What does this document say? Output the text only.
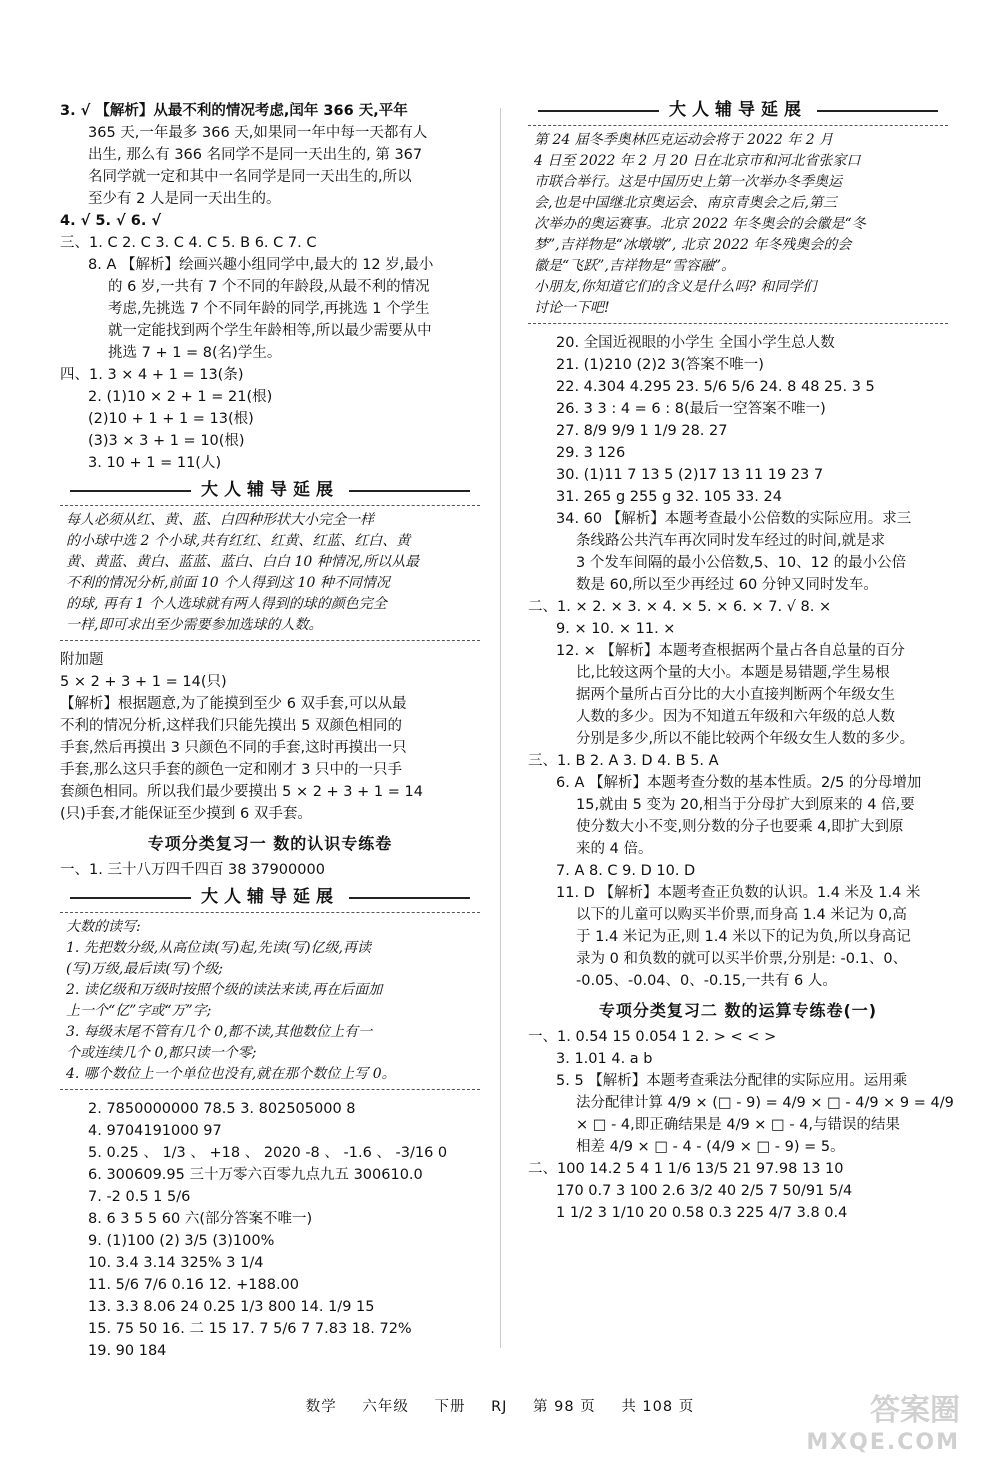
3. √ 【解析】从最不利的情况考虑,闰年 366 天,平年

365 天,一年最多 366 天,如果同一年中每一天都有人

出生, 那么有 366 名同学不是同一天出生的, 第 367

名同学就一定和其中一名同学是同一天出生的,所以

至少有 2 人是同一天出生的。

4. √ 5. √ 6. √

三、1. C 2. C 3. C 4. C 5. B 6. C 7. C

8. A 【解析】绘画兴趣小组同学中,最大的 12 岁,最小

的 6 岁,一共有 7 个不同的年龄段,从最不利的情况

考虑,先挑选 7 个不同年龄的同学,再挑选 1 个学生

就一定能找到两个学生年龄相等,所以最少需要从中

挑选 7 + 1 = 8(名)学生。

四、1. 3 × 4 + 1 = 13(条)

2. (1)10 × 2 + 1 = 21(根)

(2)10 + 1 + 1 = 13(根)

(3)3 × 3 + 1 = 10(根)

3. 10 + 1 = 11(人)

大人辅导延展

每人必须从红、黄、蓝、白四种形状大小完全一样

的小球中选 2 个小球,共有红红、红黄、红蓝、红白、黄

黄、黄蓝、黄白、蓝蓝、蓝白、白白 10 种情况,所以从最

不利的情况分析,前面 10 个人得到这 10 种不同情况

的球, 再有 1 个人选球就有两人得到的球的颜色完全

一样,即可求出至少需要参加选球的人数。

附加题

5 × 2 + 3 + 1 = 14(只)

【解析】根据题意,为了能摸到至少 6 双手套,可以从最

不利的情况分析,这样我们只能先摸出 5 双颜色相同的

手套,然后再摸出 3 只颜色不同的手套,这时再摸出一只

手套,那么这只手套的颜色一定和刚才 3 只中的一只手

套颜色相同。所以我们最少要摸出 5 × 2 + 3 + 1 = 14

(只)手套,才能保证至少摸到 6 双手套。

专项分类复习一 数的认识专练卷

一、1. 三十八万四千四百 38 37900000

大人辅导延展

大数的读写:

1. 先把数分级,从高位读(写)起,先读(写)亿级,再读

(写)万级,最后读(写)个级;

2. 读亿级和万级时按照个级的读法来读,再在后面加

上一个“亿”字或“万”字;

3. 每级末尾不管有几个 0,都不读,其他数位上有一

个或连续几个 0,都只读一个零;

4. 哪个数位上一个单位也没有,就在那个数位上写 0。

2. 7850000000 78.5 3. 802505000 8

4. 9704191000 97

5. 0.25 、 1/3 、 +18 、 2020 -8 、 -1.6 、 -3/16 0

6. 300609.95 三十万零六百零九点九五 300610.0

7. -2 0.5 1 5/6

8. 6 3 5 5 60 六(部分答案不唯一)

9. (1)100 (2) 3/5 (3)100%

10. 3.4 3.14 325% 3 1/4

11. 5/6 7/6 0.16̇ 12. +188.00

13. 3.3 8.06 24 0.25 1/3 800 14. 1/9 15

15. 75 50 16. 二 15 17. 7 5/6 7 7.83 18. 72%

19. 90 184

大人辅导延展

第 24 届冬季奥林匹克运动会将于 2022 年 2 月

4 日至 2022 年 2 月 20 日在北京市和河北省张家口

市联合举行。这是中国历史上第一次举办冬季奥运

会,也是中国继北京奥运会、南京青奥会之后,第三

次举办的奥运赛事。北京 2022 年冬奥会的会徽是“冬

梦”,吉祥物是“冰墩墩”, 北京 2022 年冬残奥会的会

徽是“飞跃”,吉祥物是“雪容融”。

小朋友,你知道它们的含义是什么吗? 和同学们

讨论一下吧!

20. 全国近视眼的小学生 全国小学生总人数

21. (1)210 (2)2 3(答案不唯一)

22. 4.304 4.295 23. 5/6 5/6 24. 8 48 25. 3 5

26. 3 3 : 4 = 6 : 8(最后一空答案不唯一)

27. 8/9 9/9 1 1/9 28. 27

29. 3 126

30. (1)11 7 13 5 (2)17 13 11 19 23 7

31. 265 g 255 g 32. 105 33. 24

34. 60 【解析】本题考查最小公倍数的实际应用。求三

条线路公共汽车再次同时发车经过的时间,就是求

3 个发车间隔的最小公倍数,5、10、12 的最小公倍

数是 60,所以至少再经过 60 分钟又同时发车。

二、1. × 2. × 3. × 4. × 5. × 6. × 7. √ 8. ×

9. × 10. × 11. ×

12. × 【解析】本题考查根据两个量占各自总量的百分

比,比较这两个量的大小。本题是易错题,学生易根

据两个量所占百分比的大小直接判断两个年级女生

人数的多少。因为不知道五年级和六年级的总人数

分别是多少,所以不能比较两个年级女生人数的多少。

三、1. B 2. A 3. D 4. B 5. A

6. A 【解析】本题考查分数的基本性质。2/5 的分母增加

15,就由 5 变为 20,相当于分母扩大到原来的 4 倍,要

使分数大小不变,则分数的分子也要乘 4,即扩大到原

来的 4 倍。

7. A 8. C 9. D 10. D

11. D 【解析】本题考查正负数的认识。1.4 米及 1.4 米

以下的儿童可以购买半价票,而身高 1.4 米记为 0,高

于 1.4 米记为正,则 1.4 米以下的记为负,所以身高记

录为 0 和负数的就可以买半价票,分别是: -0.1、0、

-0.05、-0.04、0、-0.15,一共有 6 人。

专项分类复习二 数的运算专练卷(一)

一、1. 0.54 15 0.054 1 2. > < < >

3. 1.01 4. a b

5. 5 【解析】本题考查乘法分配律的实际应用。运用乘

法分配律计算 4/9 × (□ - 9) = 4/9 × □ - 4/9 × 9 = 4/9

× □ - 4,即正确结果是 4/9 × □ - 4,与错误的结果

相差 4/9 × □ - 4 - (4/9 × □ - 9) = 5。

二、100 14.2 5 4 1 1/6 13/5 21 97.98 13 10

170 0.7 3 100 2.6 3/2 40 2/5 7 50/91 5/4

1 1/2 3 1/10 20 0.58 0.3 225 4/7 3.8 0.4

数学 六年级 下册 RJ 第 98 页 共 108 页	答案圈
MXQE.COM
